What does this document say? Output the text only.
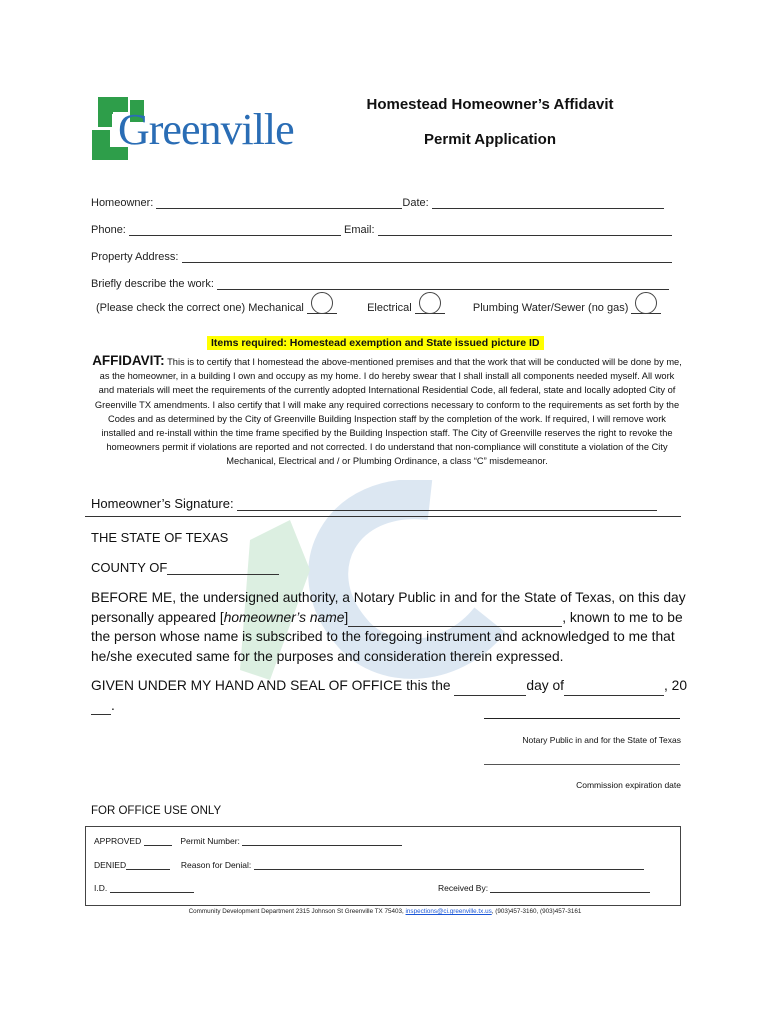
Greenville
Homestead Homeowner’s Affidavit
Permit Application
Homeowner:	Date:
Phone:	Email:
Property Address:
Briefly describe the work:
(Please check the correct one) Mechanical	Electrical	Plumbing Water/Sewer (no gas)
Items required: Homestead exemption and State issued picture ID
AFFIDAVIT: This is to certify that I homestead the above-mentioned premises and that the work that will be conducted will be done by me, as the homeowner, in a building I own and occupy as my home. I do hereby swear that I shall install all components needed myself. All work and materials will meet the requirements of the currently adopted International Residential Code, all federal, state and locally adopted City of Greenville TX amendments. I also certify that I will make any required corrections necessary to conform to the requirements as set forth by the Codes and as determined by the City of Greenville Building Inspection staff by the completion of the work. If required, I will remove work installed and re-install within the time frame specified by the Building Inspection staff. The City of Greenville reserves the right to revoke the homeowners permit if violations are reported and not corrected. I do understand that non-compliance will constitute a violation of the City Mechanical, Electrical and / or Plumbing Ordinance, a class “C” misdemeanor.
Homeowner’s Signature:
THE STATE OF TEXAS
COUNTY OF
BEFORE ME, the undersigned authority, a Notary Public in and for the State of Texas, on this day personally appeared [homeowner’s name]	, known to me to be the person whose name is subscribed to the foregoing instrument and acknowledged to me that he/she executed same for the purposes and consideration therein expressed.
GIVEN UNDER MY HAND AND SEAL OF OFFICE this the	day of	, 20.
Notary Public in and for the State of Texas
Commission expiration date
FOR OFFICE USE ONLY
APPROVED	Permit Number:
DENIED	Reason for Denial:
I.D.	Received By:
Community Development Department 2315 Johnson St Greenville TX 75403, inspections@ci.greenville.tx.us, (903)457-3160, (903)457-3161
